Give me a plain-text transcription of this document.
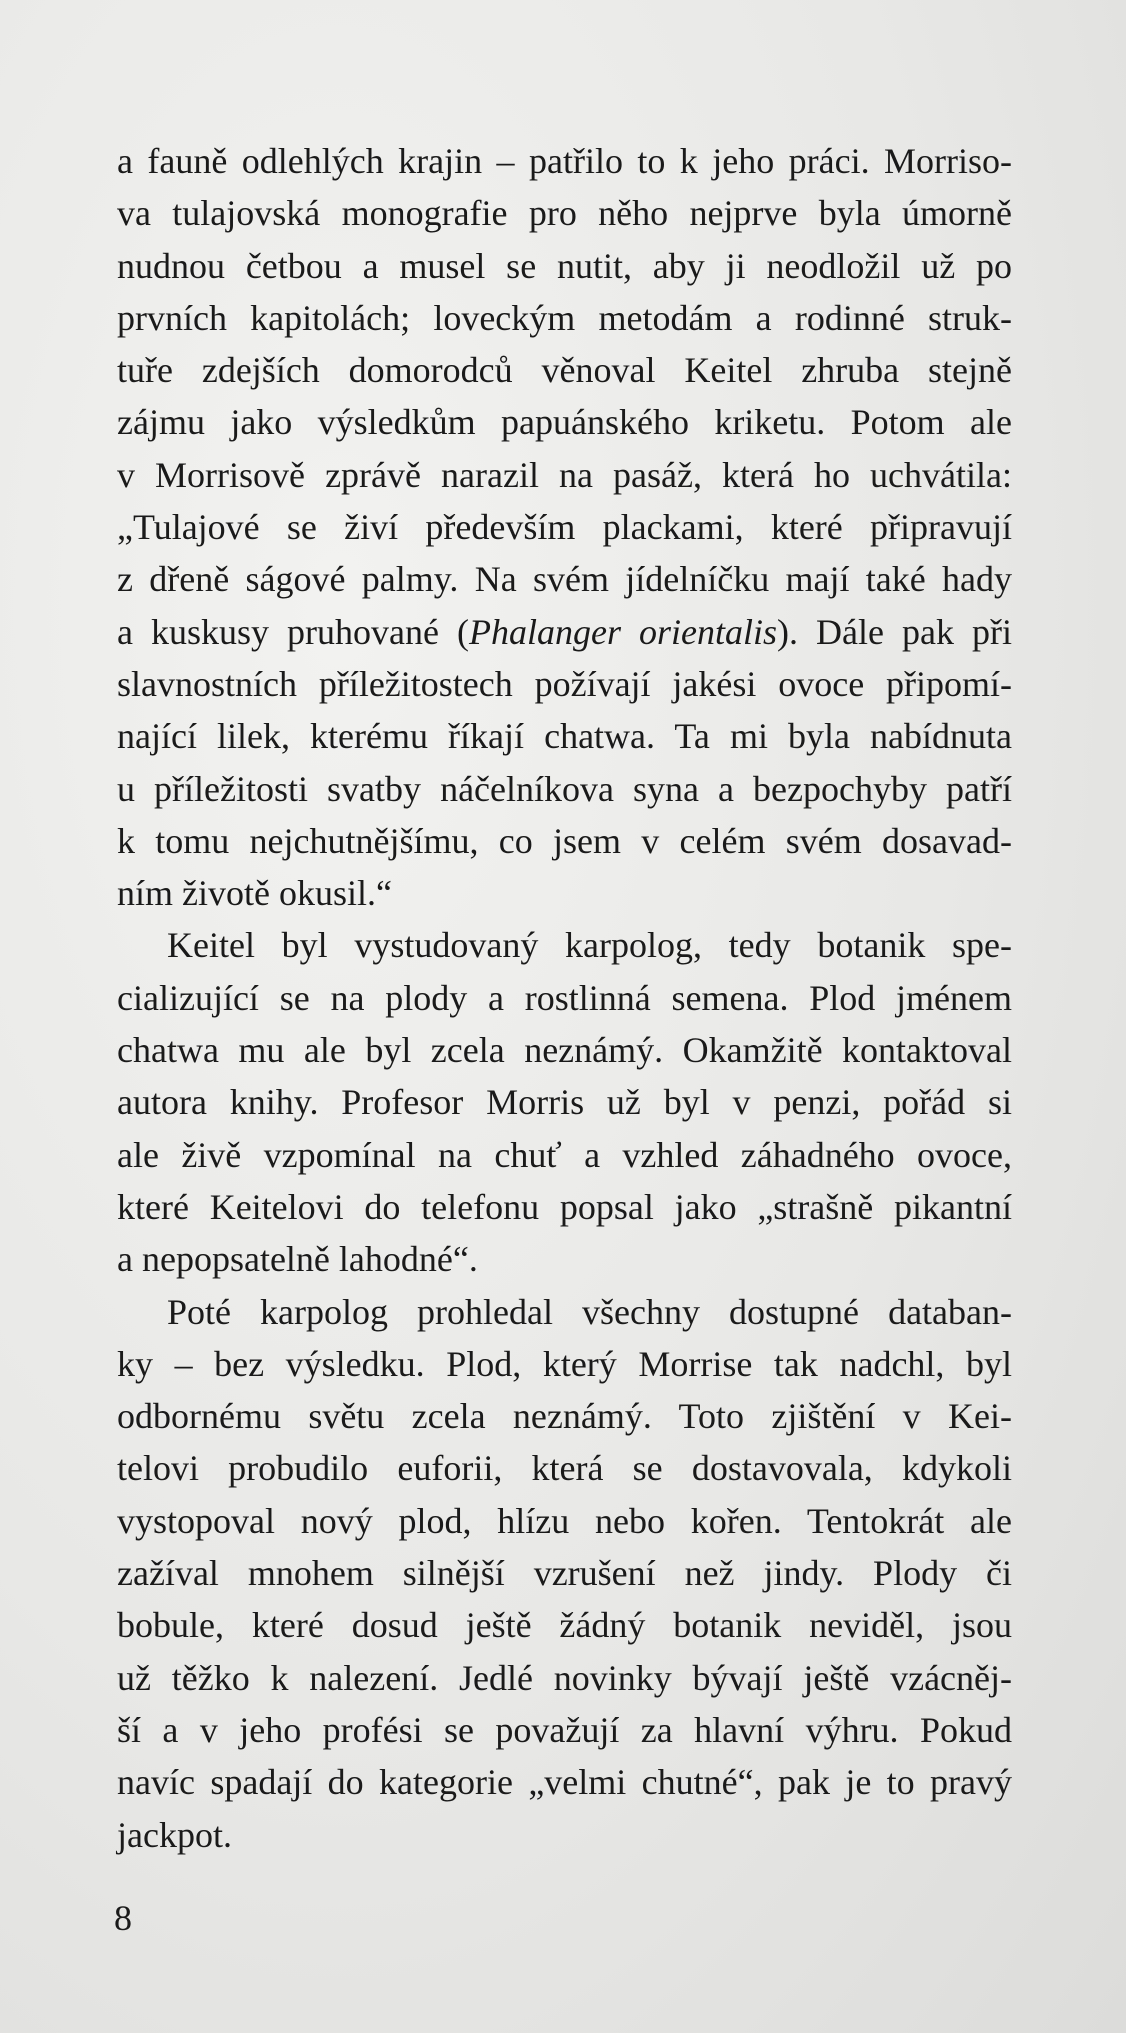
a fauně odlehlých krajin – patřilo to k jeho práci. Morriso-
va tulajovská monografie pro něho nejprve byla úmorně
nudnou četbou a musel se nutit, aby ji neodložil už po
prvních kapitolách; loveckým metodám a rodinné struk-
tuře zdejších domorodců věnoval Keitel zhruba stejně
zájmu jako výsledkům papuánského kriketu. Potom ale
v Morrisově zprávě narazil na pasáž, která ho uchvátila:
„Tulajové se živí především plackami, které připravují
z dřeně ságové palmy. Na svém jídelníčku mají také hady
a kuskusy pruhované (Phalanger orientalis). Dále pak při
slavnostních příležitostech požívají jakési ovoce připomí-
nající lilek, kterému říkají chatwa. Ta mi byla nabídnuta
u příležitosti svatby náčelníkova syna a bezpochyby patří
k tomu nejchutnějšímu, co jsem v celém svém dosavad-
ním životě okusil.“
Keitel byl vystudovaný karpolog, tedy botanik spe-
cializující se na plody a rostlinná semena. Plod jménem
chatwa mu ale byl zcela neznámý. Okamžitě kontaktoval
autora knihy. Profesor Morris už byl v penzi, pořád si
ale živě vzpomínal na chuť a vzhled záhadného ovoce,
které Keitelovi do telefonu popsal jako „strašně pikantní
a nepopsatelně lahodné“.
Poté karpolog prohledal všechny dostupné databan-
ky – bez výsledku. Plod, který Morrise tak nadchl, byl
odbornému světu zcela neznámý. Toto zjištění v Kei-
telovi probudilo euforii, která se dostavovala, kdykoli
vystopoval nový plod, hlízu nebo kořen. Tentokrát ale
zažíval mnohem silnější vzrušení než jindy. Plody či
bobule, které dosud ještě žádný botanik neviděl, jsou
už těžko k nalezení. Jedlé novinky bývají ještě vzácněj-
ší a v jeho profési se považují za hlavní výhru. Pokud
navíc spadají do kategorie „velmi chutné“, pak je to pravý
jackpot.
8
